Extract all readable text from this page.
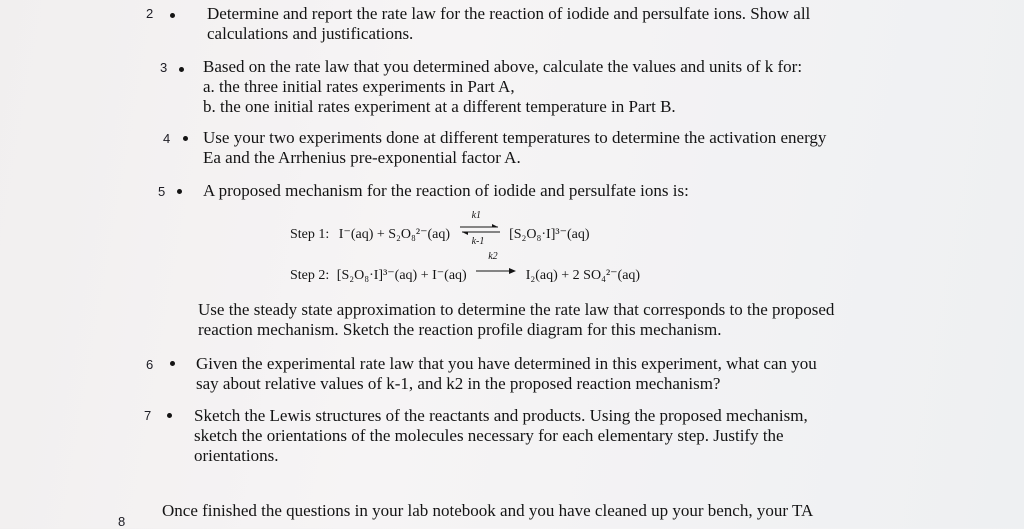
2	Determine and report the rate law for the reaction of iodide and persulfate ions. Show all
calculations and justifications.
3 Based on the rate law that you determined above, calculate the values and units of k for:
a. the three initial rates experiments in Part A,
b. the one initial rates experiment at a different temperature in Part B.
4 Use your two experiments done at different temperatures to determine the activation energy
Ea and the Arrhenius pre-exponential factor A.
5 A proposed mechanism for the reaction of iodide and persulfate ions is:
Step 1: I⁻(aq) + S₂O₈²⁻(aq)
k1
k-1 [S₂O₈·I]³⁻(aq)
Step 2: [S₂O₈·I]³⁻(aq) + I⁻(aq)
k2
I₂(aq) + 2 SO₄²⁻(aq)
Use the steady state approximation to determine the rate law that corresponds to the proposed
reaction mechanism. Sketch the reaction profile diagram for this mechanism.
6	Given the experimental rate law that you have determined in this experiment, what can you
say about relative values of k-1, and k2 in the proposed reaction mechanism?
7	Sketch the Lewis structures of the reactants and products. Using the proposed mechanism,
sketch the orientations of the molecules necessary for each elementary step. Justify the
orientations.
8
Once finished the questions in your lab notebook and you have cleaned up your bench, your TA
